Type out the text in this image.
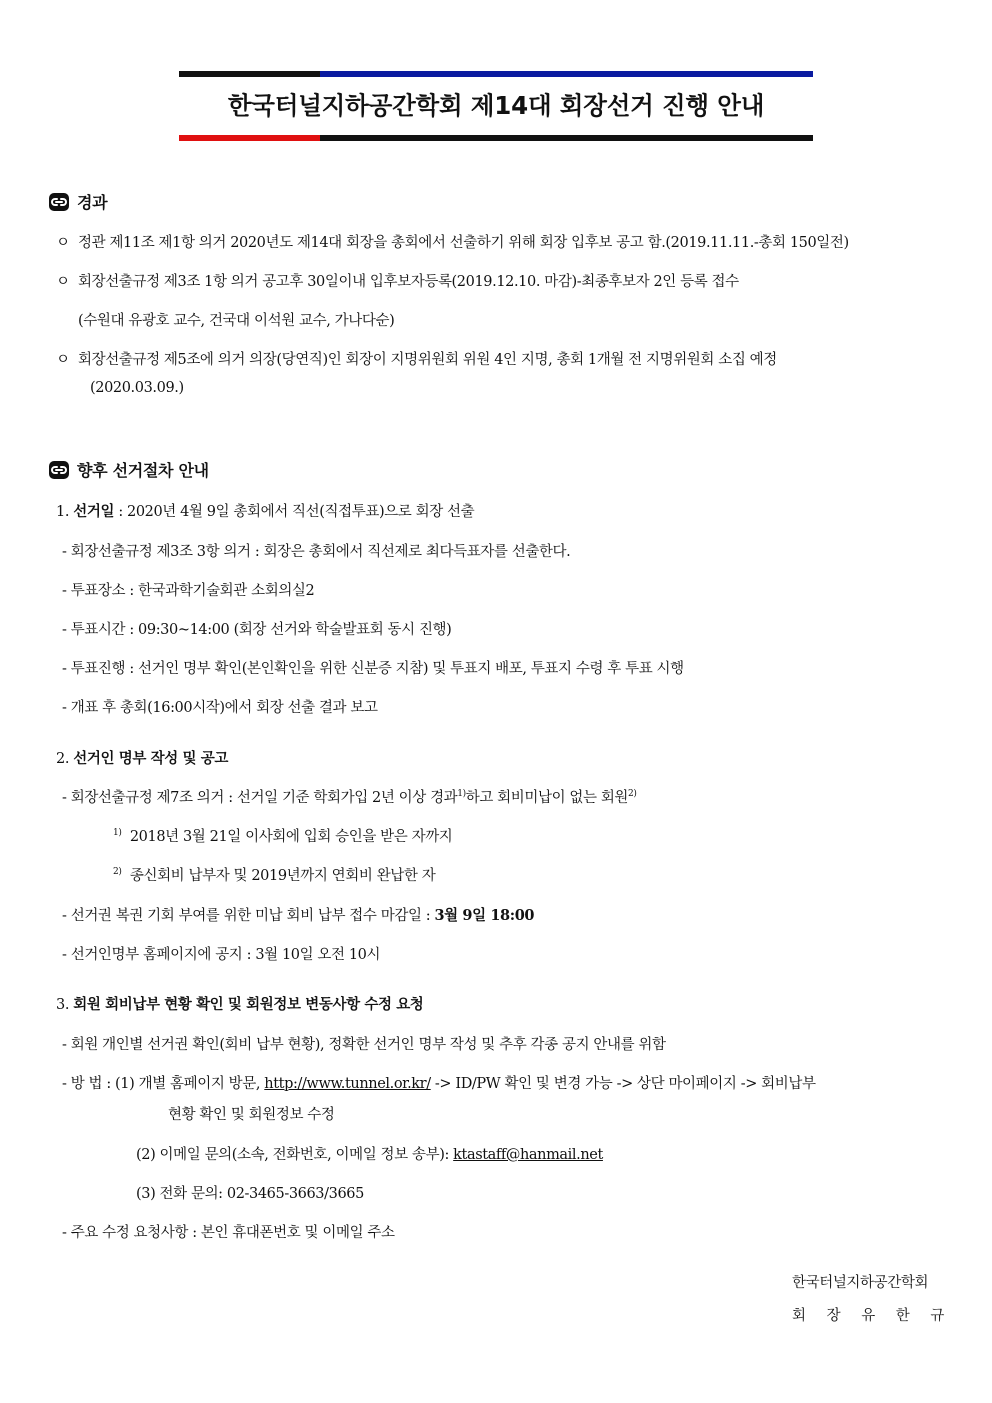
한국터널지하공간학회 제14대 회장선거 진행 안내
경과
ㅇ 정관 제11조 제1항 의거 2020년도 제14대 회장을 총회에서 선출하기 위해 회장 입후보 공고 함.(2019.11.11.-총회 150일전)
ㅇ 회장선출규정 제3조 1항 의거 공고후 30일이내 입후보자등록(2019.12.10. 마감)-최종후보자 2인 등록 접수
(수원대 유광호 교수, 건국대 이석원 교수, 가나다순)
ㅇ 회장선출규정 제5조에 의거 의장(당연직)인 회장이 지명위원회 위원 4인 지명, 총회 1개월 전 지명위원회 소집 예정
(2020.03.09.)
향후 선거절차 안내
1. 선거일 : 2020년 4월 9일 총회에서 직선(직접투표)으로 회장 선출
- 회장선출규정 제3조 3항 의거 : 회장은 총회에서 직선제로 최다득표자를 선출한다.
- 투표장소 : 한국과학기술회관 소회의실2
- 투표시간 : 09:30~14:00 (회장 선거와 학술발표회 동시 진행)
- 투표진행 : 선거인 명부 확인(본인확인을 위한 신분증 지참) 및 투표지 배포, 투표지 수령 후 투표 시행
- 개표 후 총회(16:00시작)에서 회장 선출 결과 보고
2. 선거인 명부 작성 및 공고
- 회장선출규정 제7조 의거 : 선거일 기준 학회가입 2년 이상 경과$^{1)}$하고 회비미납이 없는 회원$^{2)}$
$^{1)}$ 2018년 3월 21일 이사회에 입회 승인을 받은 자까지
$^{2)}$ 종신회비 납부자 및 2019년까지 연회비 완납한 자
- 선거권 복권 기회 부여를 위한 미납 회비 납부 접수 마감일 : 3월 9일 18:00
- 선거인명부 홈페이지에 공지 : 3월 10일 오전 10시
3. 회원 회비납부 현황 확인 및 회원정보 변동사항 수정 요청
- 회원 개인별 선거권 확인(회비 납부 현황), 정확한 선거인 명부 작성 및 추후 각종 공지 안내를 위함
- 방 법 : (1) 개별 홈페이지 방문, http://www.tunnel.or.kr/ -> ID/PW 확인 및 변경 가능 -> 상단 마이페이지 -> 회비납부
현황 확인 및 회원정보 수정
(2) 이메일 문의(소속, 전화번호, 이메일 정보 송부): ktastaff@hanmail.net
(3) 전화 문의: 02-3465-3663/3665
- 주요 수정 요청사항 : 본인 휴대폰번호 및 이메일 주소
한국터널지하공간학회
회 장 유 한 규
